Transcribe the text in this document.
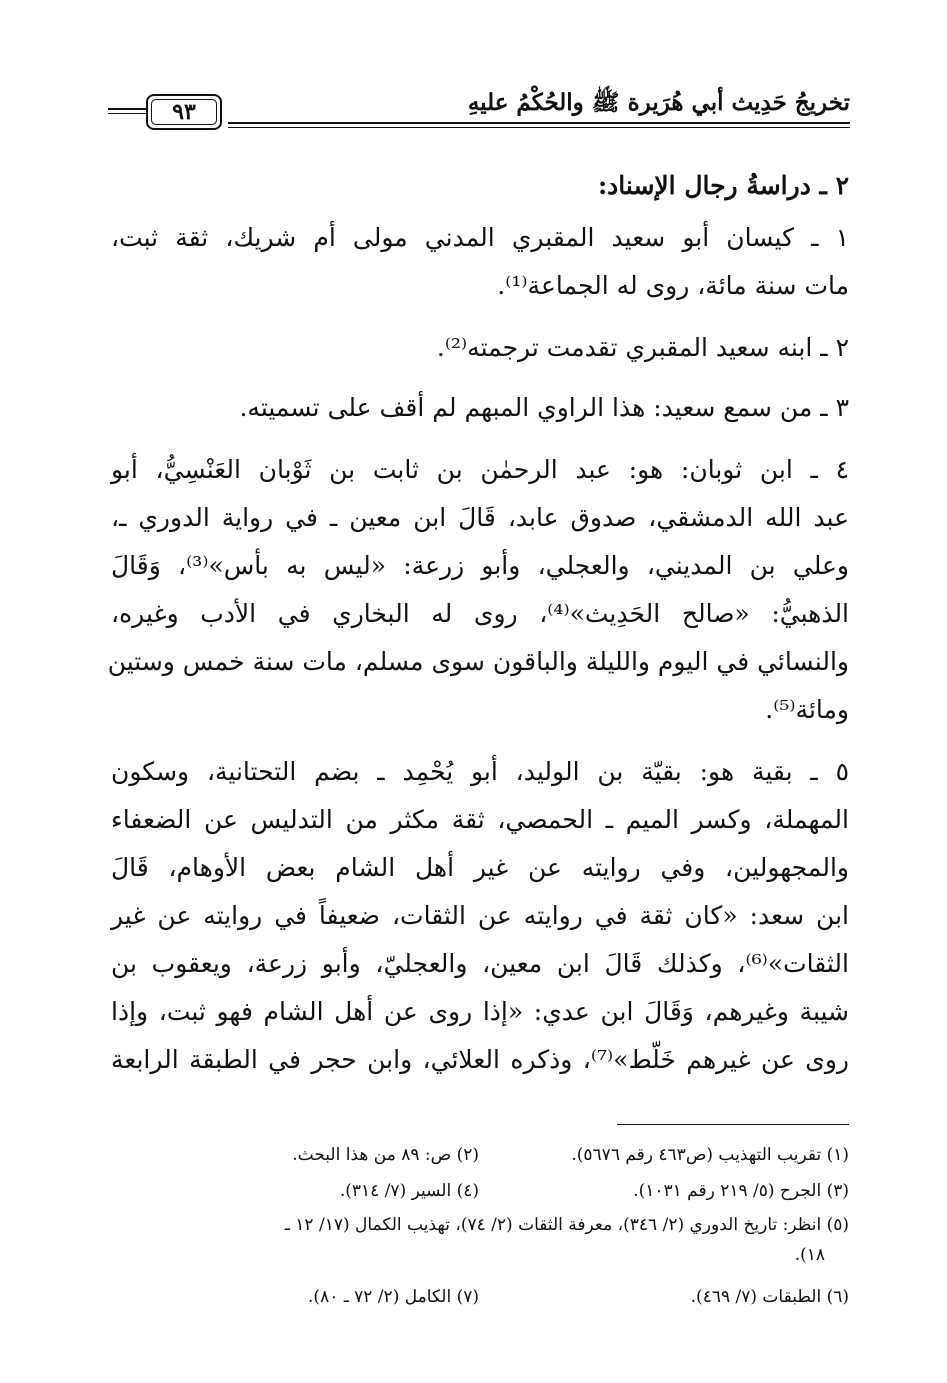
تخريجُ حَدِيث أبي هُرَيرة ﷺ والحُكْمُ عليهِ
٩٣
٢ ـ دراسةُ رجال الإسناد:
١ ـ كيسان أبو سعيد المقبري المدني مولى أم شريك، ثقة ثبت،
مات سنة مائة، روى له الجماعة⁽¹⁾.
٢ ـ ابنه سعيد المقبري تقدمت ترجمته⁽²⁾.
٣ ـ من سمع سعيد: هذا الراوي المبهم لم أقف على تسميته.
٤ ـ ابن ثوبان: هو: عبد الرحمٰن بن ثابت بن ثَوْبان العَنْسِيُّ، أبو
عبد الله الدمشقي، صدوق عابد، قَالَ ابن معين ـ في رواية الدوري ـ،
وعلي بن المديني، والعجلي، وأبو زرعة: «ليس به بأس»⁽³⁾، وَقَالَ
الذهبيُّ: «صالح الحَدِيث»⁽⁴⁾، روى له البخاري في الأدب وغيره،
والنسائي في اليوم والليلة والباقون سوى مسلم، مات سنة خمس وستين
ومائة⁽⁵⁾.
٥ ـ بقية هو: بقيّة بن الوليد، أبو يُحْمِد ـ بضم التحتانية، وسكون
المهملة، وكسر الميم ـ الحمصي، ثقة مكثر من التدليس عن الضعفاء
والمجهولين، وفي روايته عن غير أهل الشام بعض الأوهام، قَالَ
ابن سعد: «كان ثقة في روايته عن الثقات، ضعيفاً في روايته عن غير
الثقات»⁽⁶⁾، وكذلك قَالَ ابن معين، والعجليّ، وأبو زرعة، ويعقوب بن
شيبة وغيرهم، وَقَالَ ابن عدي: «إذا روى عن أهل الشام فهو ثبت، وإذا
روى عن غيرهم خَلّط»⁽⁷⁾، وذكره العلائي، وابن حجر في الطبقة الرابعة
(١) تقريب التهذيب (ص٤٦٣ رقم ٥٦٧٦).
(٢) ص: ٨٩ من هذا البحث.
(٣) الجرح (٥/ ٢١٩ رقم ١٠٣١).
(٤) السير (٧/ ٣١٤).
(٥) انظر: تاريخ الدوري (٢/ ٣٤٦)، معرفة الثقات (٢/ ٧٤)، تهذيب الكمال (١٧/ ١٢ ـ
١٨).
(٦) الطبقات (٧/ ٤٦٩).
(٧) الكامل (٢/ ٧٢ ـ ٨٠).
